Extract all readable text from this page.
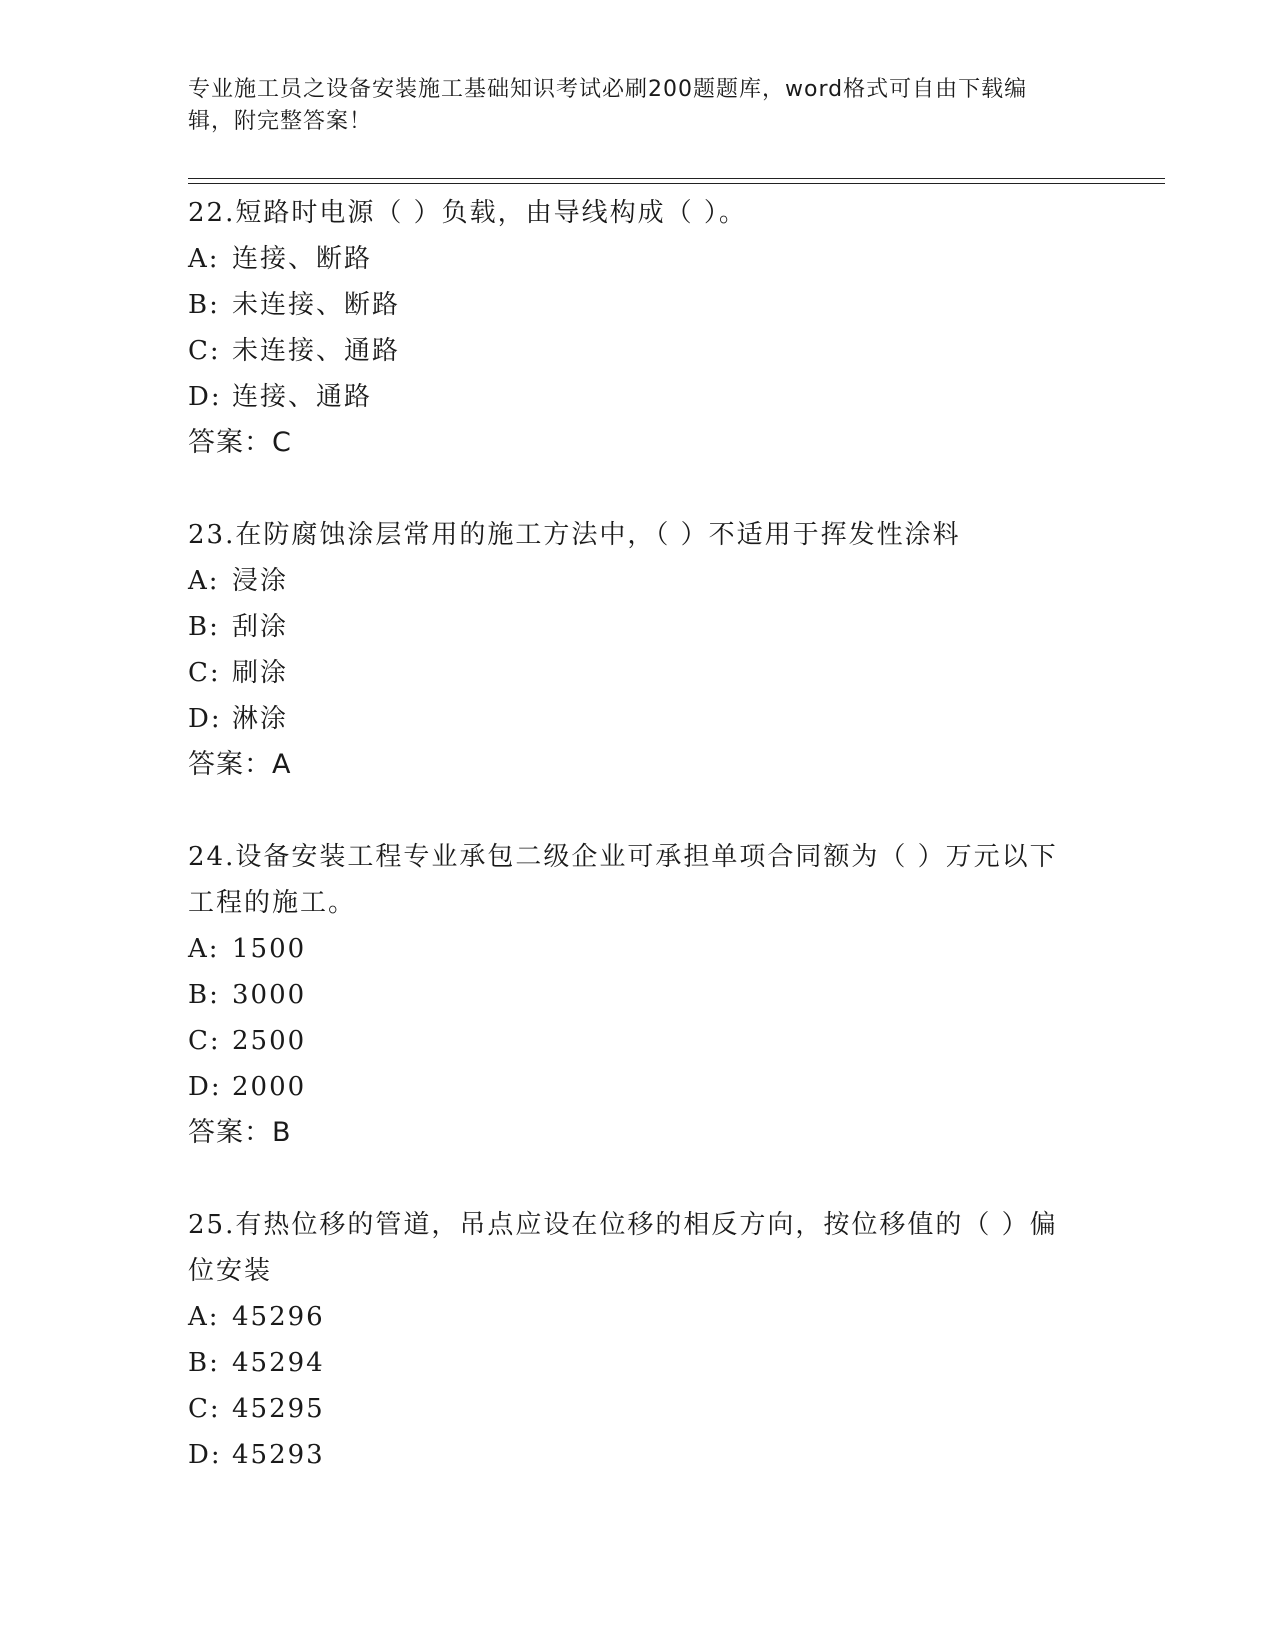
专业施工员之设备安装施工基础知识考试必刷200题题库，word格式可自由下载编辑，附完整答案！

22.短路时电源（ ）负载，由导线构成（ ）。

A: 连接、断路
B: 未连接、断路
C: 未连接、通路
D: 连接、通路
答案：C

23.在防腐蚀涂层常用的施工方法中，（ ）不适用于挥发性涂料

A: 浸涂
B: 刮涂
C: 刷涂
D: 淋涂
答案：A

24.设备安装工程专业承包二级企业可承担单项合同额为（ ）万元以下工程的施工。

A: 1500
B: 3000
C: 2500
D: 2000
答案：B

25.有热位移的管道，吊点应设在位移的相反方向，按位移值的（ ）偏位安装

A: 45296
B: 45294
C: 45295
D: 45293
